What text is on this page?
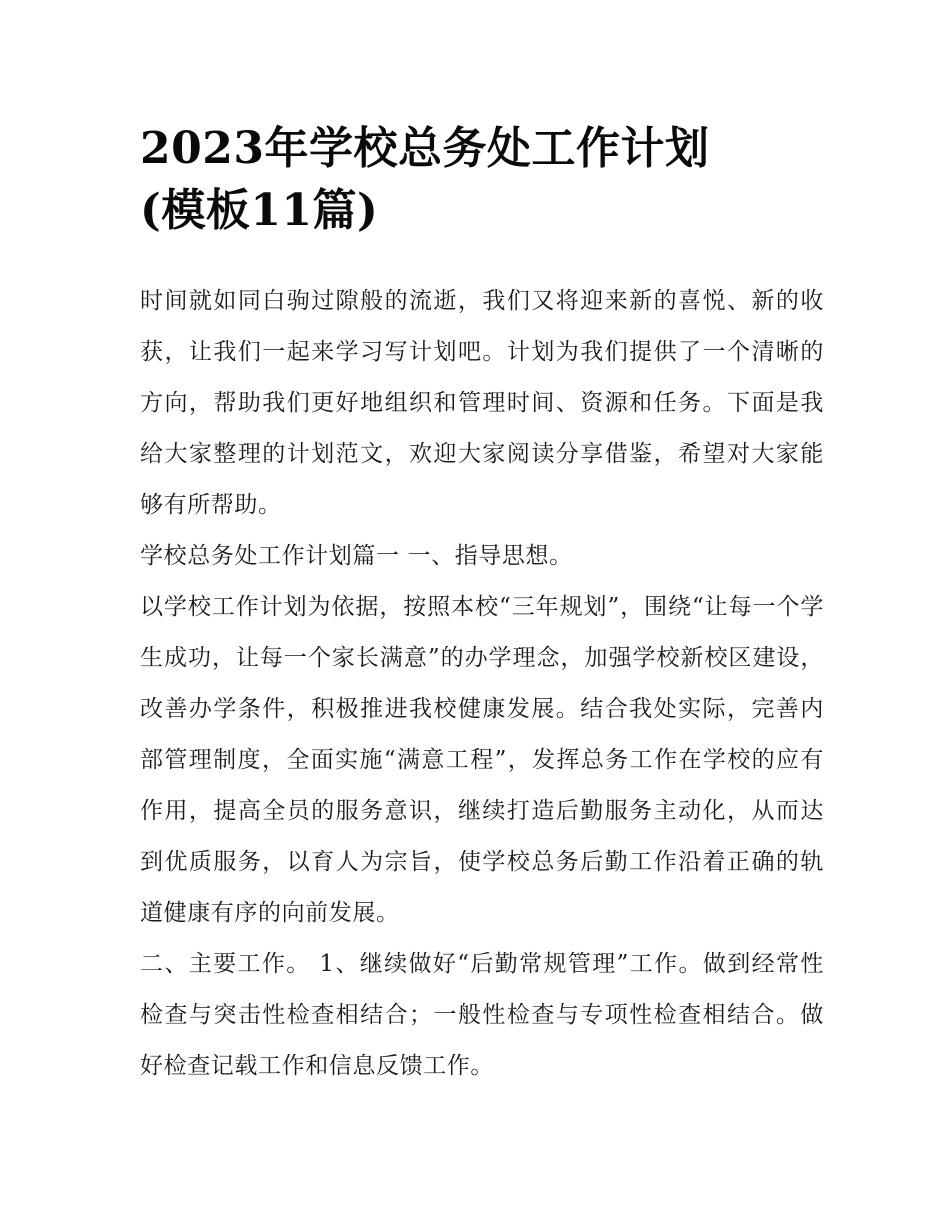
2023年学校总务处工作计划
(模板11篇)

时间就如同白驹过隙般的流逝，我们又将迎来新的喜悦、新的收获，让我们一起来学习写计划吧。计划为我们提供了一个清晰的方向，帮助我们更好地组织和管理时间、资源和任务。下面是我给大家整理的计划范文，欢迎大家阅读分享借鉴，希望对大家能够有所帮助。

学校总务处工作计划篇一 一、指导思想。

以学校工作计划为依据，按照本校“三年规划”，围绕“让每一个学生成功，让每一个家长满意”的办学理念，加强学校新校区建设，改善办学条件，积极推进我校健康发展。结合我处实际，完善内部管理制度，全面实施“满意工程”，发挥总务工作在学校的应有作用，提高全员的服务意识，继续打造后勤服务主动化，从而达到优质服务，以育人为宗旨，使学校总务后勤工作沿着正确的轨道健康有序的向前发展。

二、主要工作。 1、继续做好“后勤常规管理”工作。做到经常性检查与突击性检查相结合；一般性检查与专项性检查相结合。做好检查记载工作和信息反馈工作。
